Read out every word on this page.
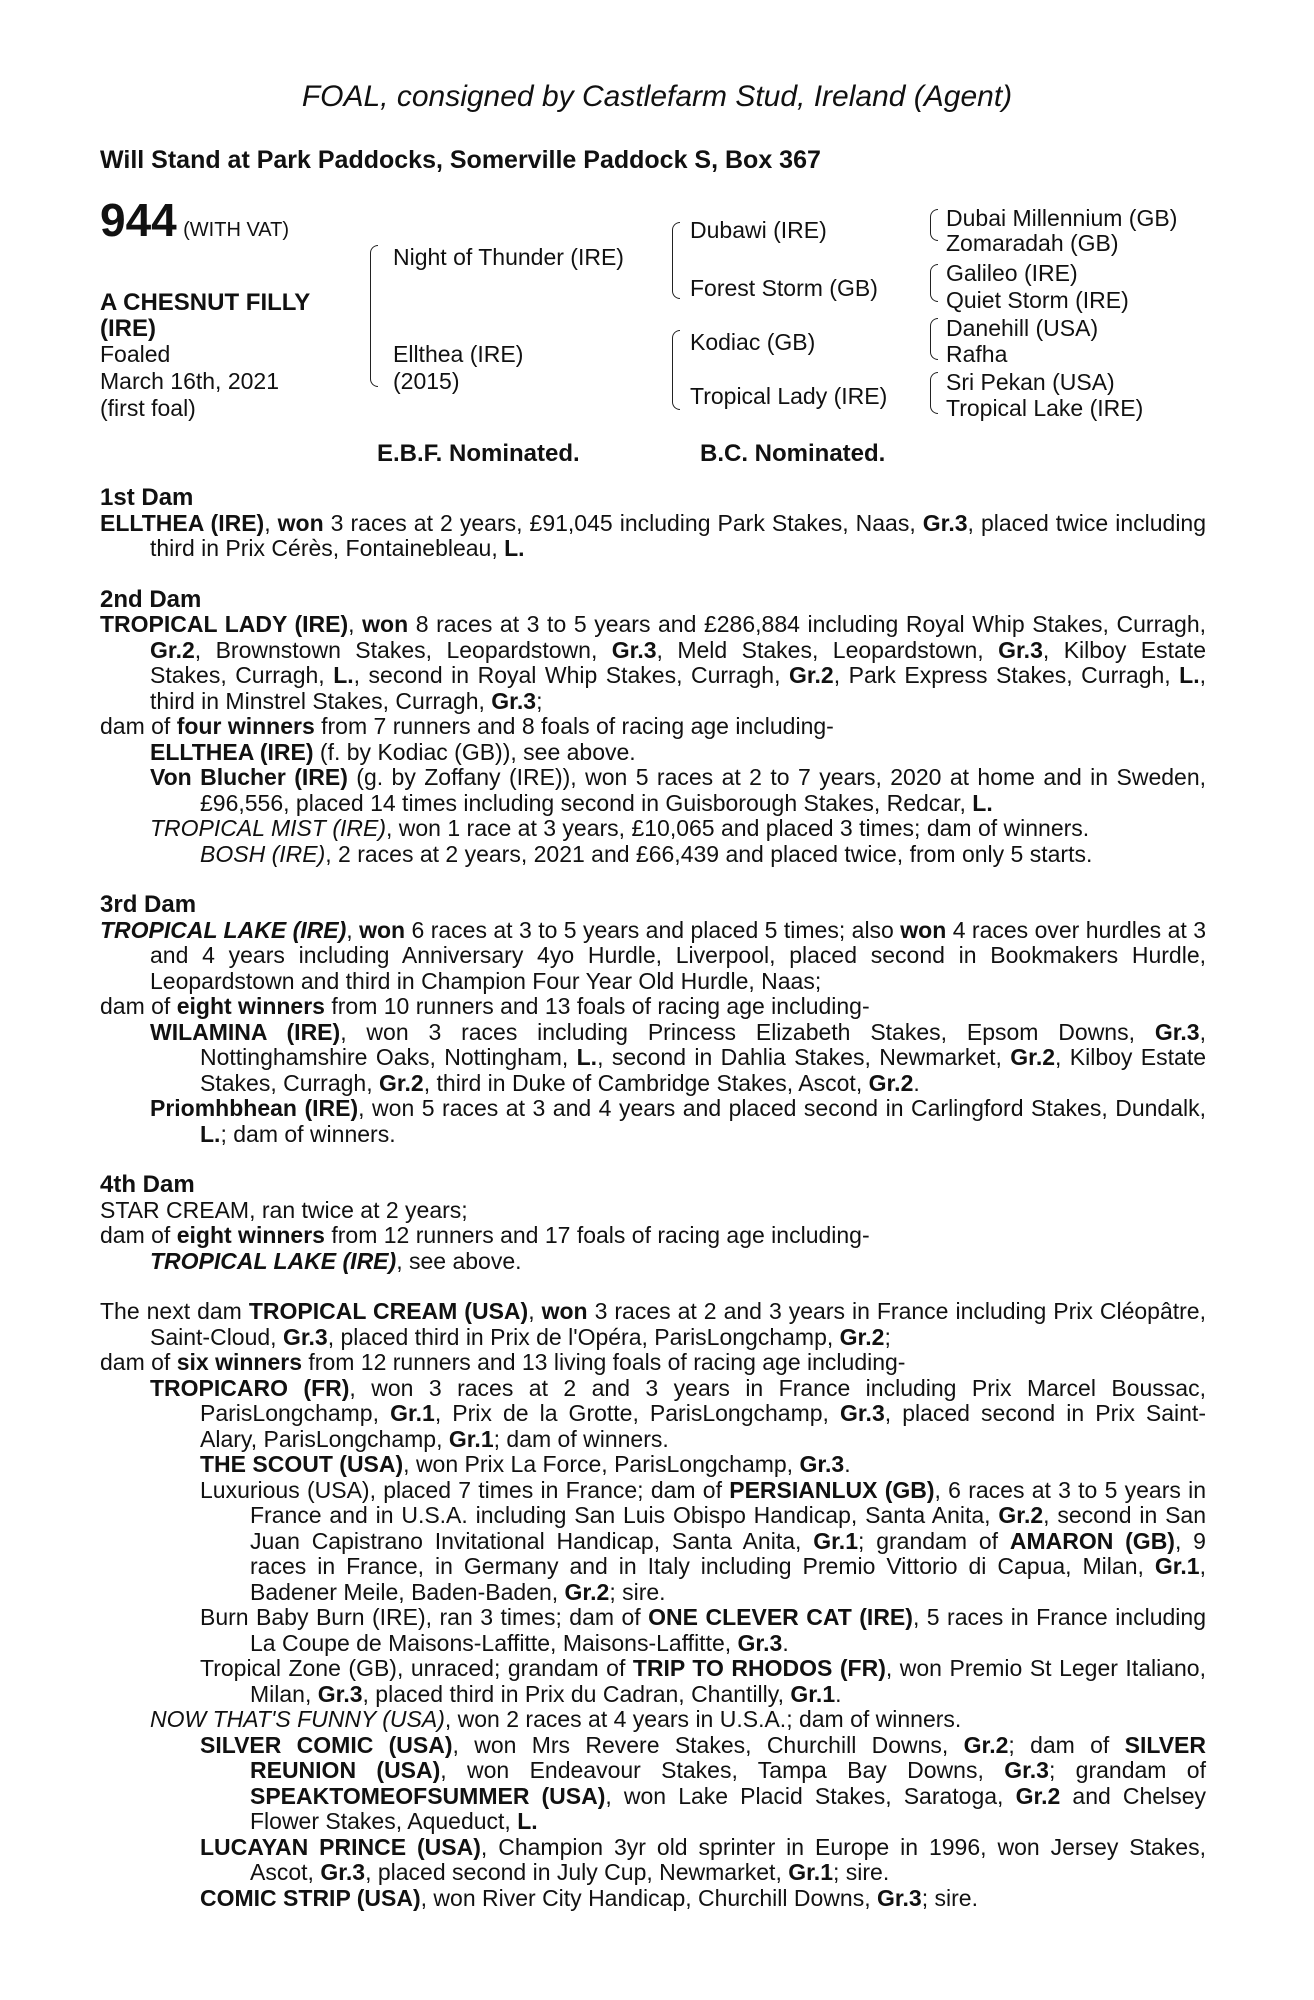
FOAL, consigned by Castlefarm Stud, Ireland (Agent)
Will Stand at Park Paddocks, Somerville Paddock S, Box 367
944 (WITH VAT)
A CHESNUT FILLY
(IRE)
Foaled
March 16th, 2021
(first foal)
Night of Thunder (IRE)
Ellthea (IRE)
(2015)
Dubawi (IRE)
Forest Storm (GB)
Kodiac (GB)
Tropical Lady (IRE)
Dubai Millennium (GB)
Zomaradah (GB)
Galileo (IRE)
Quiet Storm (IRE)
Danehill (USA)
Rafha
Sri Pekan (USA)
Tropical Lake (IRE)
E.B.F. Nominated.	B.C. Nominated.
1st Dam

ELLTHEA (IRE), won 3 races at 2 years, £91,045 including Park Stakes, Naas, Gr.3, placed twice including third in Prix Cérès, Fontainebleau, L.

2nd Dam

TROPICAL LADY (IRE), won 8 races at 3 to 5 years and £286,884 including Royal Whip Stakes, Curragh, Gr.2, Brownstown Stakes, Leopardstown, Gr.3, Meld Stakes, Leopardstown, Gr.3, Kilboy Estate Stakes, Curragh, L., second in Royal Whip Stakes, Curragh, Gr.2, Park Express Stakes, Curragh, L., third in Minstrel Stakes, Curragh, Gr.3;

dam of four winners from 7 runners and 8 foals of racing age including-

ELLTHEA (IRE) (f. by Kodiac (GB)), see above.

Von Blucher (IRE) (g. by Zoffany (IRE)), won 5 races at 2 to 7 years, 2020 at home and in Sweden, £96,556, placed 14 times including second in Guisborough Stakes, Redcar, L.

TROPICAL MIST (IRE), won 1 race at 3 years, £10,065 and placed 3 times; dam of winners.

BOSH (IRE), 2 races at 2 years, 2021 and £66,439 and placed twice, from only 5 starts.

3rd Dam

TROPICAL LAKE (IRE), won 6 races at 3 to 5 years and placed 5 times; also won 4 races over hurdles at 3 and 4 years including Anniversary 4yo Hurdle, Liverpool, placed second in Bookmakers Hurdle, Leopardstown and third in Champion Four Year Old Hurdle, Naas;

dam of eight winners from 10 runners and 13 foals of racing age including-

WILAMINA (IRE), won 3 races including Princess Elizabeth Stakes, Epsom Downs, Gr.3, Nottinghamshire Oaks, Nottingham, L., second in Dahlia Stakes, Newmarket, Gr.2, Kilboy Estate Stakes, Curragh, Gr.2, third in Duke of Cambridge Stakes, Ascot, Gr.2.

Priomhbhean (IRE), won 5 races at 3 and 4 years and placed second in Carlingford Stakes, Dundalk, L.; dam of winners.

4th Dam

STAR CREAM, ran twice at 2 years;

dam of eight winners from 12 runners and 17 foals of racing age including-

TROPICAL LAKE (IRE), see above.

The next dam TROPICAL CREAM (USA), won 3 races at 2 and 3 years in France including Prix Cléopâtre, Saint-Cloud, Gr.3, placed third in Prix de l'Opéra, ParisLongchamp, Gr.2;

dam of six winners from 12 runners and 13 living foals of racing age including-

TROPICARO (FR), won 3 races at 2 and 3 years in France including Prix Marcel Boussac, ParisLongchamp, Gr.1, Prix de la Grotte, ParisLongchamp, Gr.3, placed second in Prix Saint-Alary, ParisLongchamp, Gr.1; dam of winners.

THE SCOUT (USA), won Prix La Force, ParisLongchamp, Gr.3.

Luxurious (USA), placed 7 times in France; dam of PERSIANLUX (GB), 6 races at 3 to 5 years in France and in U.S.A. including San Luis Obispo Handicap, Santa Anita, Gr.2, second in San Juan Capistrano Invitational Handicap, Santa Anita, Gr.1; grandam of AMARON (GB), 9 races in France, in Germany and in Italy including Premio Vittorio di Capua, Milan, Gr.1, Badener Meile, Baden-Baden, Gr.2; sire.

Burn Baby Burn (IRE), ran 3 times; dam of ONE CLEVER CAT (IRE), 5 races in France including La Coupe de Maisons-Laffitte, Maisons-Laffitte, Gr.3.

Tropical Zone (GB), unraced; grandam of TRIP TO RHODOS (FR), won Premio St Leger Italiano, Milan, Gr.3, placed third in Prix du Cadran, Chantilly, Gr.1.

NOW THAT'S FUNNY (USA), won 2 races at 4 years in U.S.A.; dam of winners.

SILVER COMIC (USA), won Mrs Revere Stakes, Churchill Downs, Gr.2; dam of SILVER REUNION (USA), won Endeavour Stakes, Tampa Bay Downs, Gr.3; grandam of SPEAKTOMEOFSUMMER (USA), won Lake Placid Stakes, Saratoga, Gr.2 and Chelsey Flower Stakes, Aqueduct, L.

LUCAYAN PRINCE (USA), Champion 3yr old sprinter in Europe in 1996, won Jersey Stakes, Ascot, Gr.3, placed second in July Cup, Newmarket, Gr.1; sire.

COMIC STRIP (USA), won River City Handicap, Churchill Downs, Gr.3; sire.
